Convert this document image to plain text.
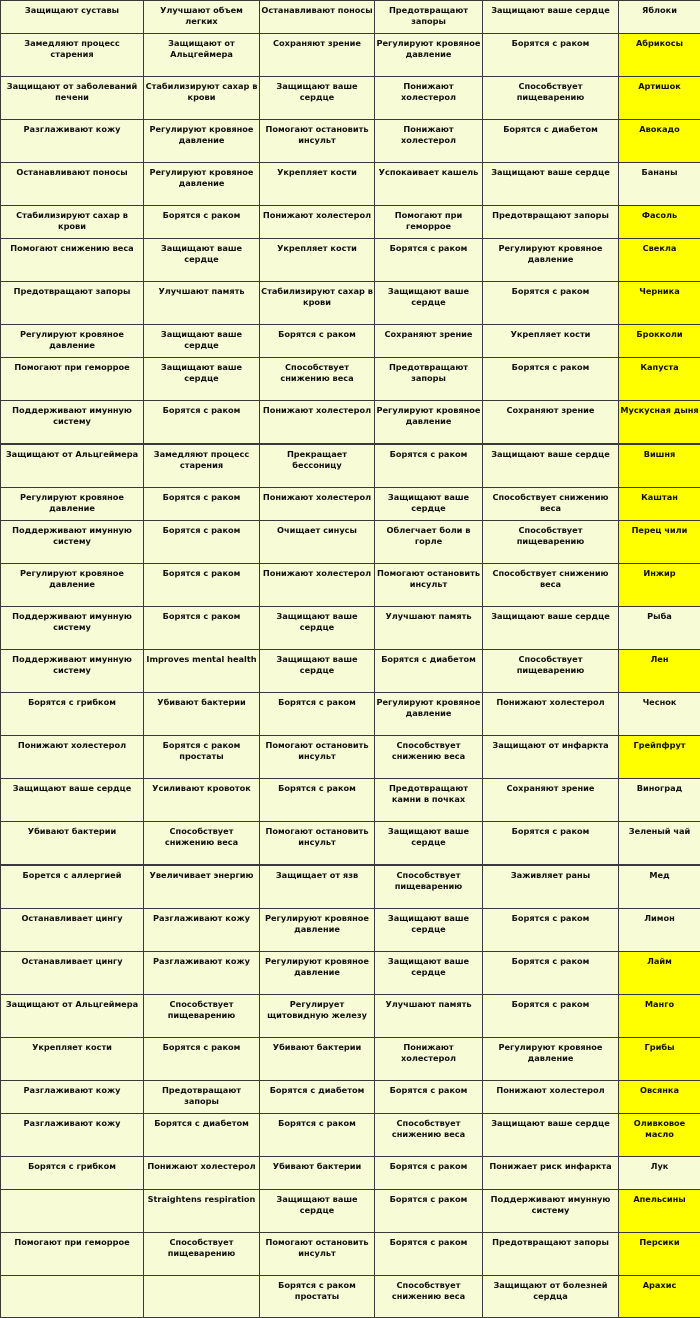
Защищают суставы	Улучшают объем легких	Останавливают поносы	Предотвращают запоры	Защищают ваше сердце	Яблоки
Замедляют процесс старения	Защищают от Альцгеймера	Сохраняют зрение	Регулируют кровяное давление	Борятся с раком	Абрикосы
Защищают от заболеваний печени	Стабилизируют сахар в крови	Защищают ваше сердце	Понижают холестерол	Способствует пищеварению	Артишок
Разглаживают кожу	Регулируют кровяное давление	Помогают остановить инсульт	Понижают холестерол	Борятся с диабетом	Авокадо
Останавливают поносы	Регулируют кровяное давление	Укрепляет кости	Успокаивает кашель	Защищают ваше сердце	Бананы
Стабилизируют сахар в крови	Борятся с раком	Понижают холестерол	Помогают при геморрое	Предотвращают запоры	Фасоль
Помогают снижению веса	Защищают ваше сердце	Укрепляет кости	Борятся с раком	Регулируют кровяное давление	Свекла
Предотвращают запоры	Улучшают память	Стабилизируют сахар в крови	Защищают ваше сердце	Борятся с раком	Черника
Регулируют кровяное давление	Защищают ваше сердце	Борятся с раком	Сохраняют зрение	Укрепляет кости	Брокколи
Помогают при геморрое	Защищают ваше сердце	Способствует снижению веса	Предотвращают запоры	Борятся с раком	Капуста
Поддерживают имунную систему	Борятся с раком	Понижают холестерол	Регулируют кровяное давление	Сохраняют зрение	Мускусная дыня
Защищают от Альцгеймера	Замедляют процесс старения	Прекращает бессоницу	Борятся с раком	Защищают ваше сердце	Вишня
Регулируют кровяное давление	Борятся с раком	Понижают холестерол	Защищают ваше сердце	Способствует снижению веса	Каштан
Поддерживают имунную систему	Борятся с раком	Очищает синусы	Облегчает боли в горле	Способствует пищеварению	Перец чили
Регулируют кровяное давление	Борятся с раком	Понижают холестерол	Помогают остановить инсульт	Способствует снижению веса	Инжир
Поддерживают имунную систему	Борятся с раком	Защищают ваше сердце	Улучшают память	Защищают ваше сердце	Рыба
Поддерживают имунную систему	Improves mental health	Защищают ваше сердце	Борятся с диабетом	Способствует пищеварению	Лен
Борятся с грибком	Убивают бактерии	Борятся с раком	Регулируют кровяное давление	Понижают холестерол	Чеснок
Понижают холестерол	Борятся с раком простаты	Помогают остановить инсульт	Способствует снижению веса	Защищают от инфаркта	Грейпфрут
Защищают ваше сердце	Усиливают кровоток	Борятся с раком	Предотвращают камни в почках	Сохраняют зрение	Виноград
Убивают бактерии	Способствует снижению веса	Помогают остановить инсульт	Защищают ваше сердце	Борятся с раком	Зеленый чай
Борется с аллергией	Увеличивает энергию	Защищает от язв	Способствует пищеварению	Заживляет раны	Мед
Останавливает цингу	Разглаживают кожу	Регулируют кровяное давление	Защищают ваше сердце	Борятся с раком	Лимон
Останавливает цингу	Разглаживают кожу	Регулируют кровяное давление	Защищают ваше сердце	Борятся с раком	Лайм
Защищают от Альцгеймера	Способствует пищеварению	Регулирует щитовидную железу	Улучшают память	Борятся с раком	Манго
Укрепляет кости	Борятся с раком	Убивают бактерии	Понижают холестерол	Регулируют кровяное давление	Грибы
Разглаживают кожу	Предотвращают запоры	Борятся с диабетом	Борятся с раком	Понижают холестерол	Овсянка
Разглаживают кожу	Борятся с диабетом	Борятся с раком	Способствует снижению веса	Защищают ваше сердце	Оливковое масло
Борятся с грибком	Понижают холестерол	Убивают бактерии	Борятся с раком	Понижает риск инфаркта	Лук
	Straightens respiration	Защищают ваше сердце	Борятся с раком	Поддерживают имунную систему	Апельсины
Помогают при геморрое	Способствует пищеварению	Помогают остановить инсульт	Борятся с раком	Предотвращают запоры	Персики
		Борятся с раком простаты	Способствует снижению веса	Защищают от болезней сердца	Арахис
